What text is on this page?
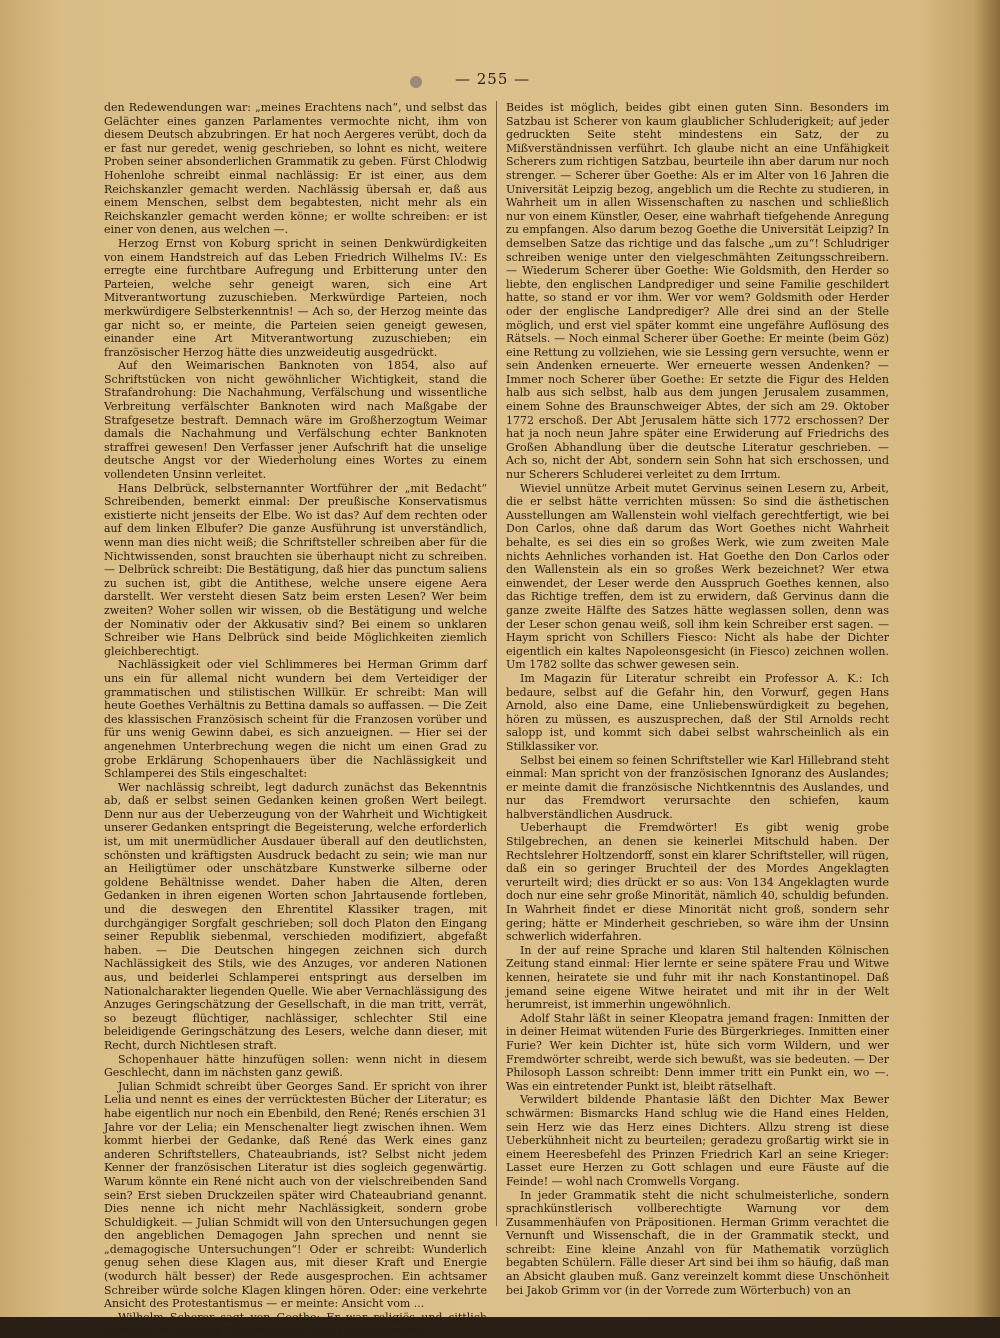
— 255 —

den Redewendungen war: „meines Erachtens nach“, und selbst das Gelächter eines ganzen Parlamentes vermochte nicht, ihm von diesem Deutsch abzubringen. Er hat noch Aergeres verübt, doch da er fast nur geredet, wenig geschrieben, so lohnt es nicht, weitere Proben seiner absonderlichen Grammatik zu geben. Fürst Chlodwig Hohenlohe schreibt einmal nachlässig: Er ist einer, aus dem Reichskanzler gemacht werden. Nachlässig übersah er, daß aus einem Menschen, selbst dem begabtesten, nicht mehr als ein Reichskanzler gemacht werden könne; er wollte schreiben: er ist einer von denen, aus welchen —.

Herzog Ernst von Koburg spricht in seinen Denkwürdigkeiten von einem Handstreich auf das Leben Friedrich Wilhelms IV.: Es erregte eine furchtbare Aufregung und Erbitterung unter den Parteien, welche sehr geneigt waren, sich eine Art Mitverantwortung zuzuschieben. Merkwürdige Parteien, noch merkwürdigere Selbsterkenntnis! — Ach so, der Herzog meinte das gar nicht so, er meinte, die Parteien seien geneigt gewesen, einander eine Art Mitverantwortung zuzuschieben; ein französischer Herzog hätte dies unzweideutig ausgedrückt.

Auf den Weimarischen Banknoten von 1854, also auf Schriftstücken von nicht gewöhnlicher Wichtigkeit, stand die Strafandrohung: Die Nachahmung, Verfälschung und wissentliche Verbreitung verfälschter Banknoten wird nach Maßgabe der Strafgesetze bestraft. Demnach wäre im Großherzogtum Weimar damals die Nachahmung und Verfälschung echter Banknoten straffrei gewesen! Den Verfasser jener Aufschrift hat die unselige deutsche Angst vor der Wiederholung eines Wortes zu einem vollendeten Unsinn verleitet.

Hans Delbrück, selbsternannter Wortführer der „mit Bedacht“ Schreibenden, bemerkt einmal: Der preußische Konservatismus existierte nicht jenseits der Elbe. Wo ist das? Auf dem rechten oder auf dem linken Elbufer? Die ganze Ausführung ist unverständlich, wenn man dies nicht weiß; die Schriftsteller schreiben aber für die Nichtwissenden, sonst brauchten sie überhaupt nicht zu schreiben. — Delbrück schreibt: Die Bestätigung, daß hier das punctum saliens zu suchen ist, gibt die Antithese, welche unsere eigene Aera darstellt. Wer versteht diesen Satz beim ersten Lesen? Wer beim zweiten? Woher sollen wir wissen, ob die Bestätigung und welche der Nominativ oder der Akkusativ sind? Bei einem so unklaren Schreiber wie Hans Delbrück sind beide Möglichkeiten ziemlich gleichberechtigt.

Nachlässigkeit oder viel Schlimmeres bei Herman Grimm darf uns ein für allemal nicht wundern bei dem Verteidiger der grammatischen und stilistischen Willkür. Er schreibt: Man will heute Goethes Verhältnis zu Bettina damals so auffassen. — Die Zeit des klassischen Französisch scheint für die Franzosen vorüber und für uns wenig Gewinn dabei, es sich anzueignen. — Hier sei der angenehmen Unterbrechung wegen die nicht um einen Grad zu grobe Erklärung Schopenhauers über die Nachlässigkeit und Schlamperei des Stils eingeschaltet:

Wer nachlässig schreibt, legt dadurch zunächst das Bekenntnis ab, daß er selbst seinen Gedanken keinen großen Wert beilegt. Denn nur aus der Ueberzeugung von der Wahrheit und Wichtigkeit unserer Gedanken entspringt die Begeisterung, welche erforderlich ist, um mit unermüdlicher Ausdauer überall auf den deutlichsten, schönsten und kräftigsten Ausdruck bedacht zu sein; wie man nur an Heiligtümer oder unschätzbare Kunstwerke silberne oder goldene Behältnisse wendet. Daher haben die Alten, deren Gedanken in ihren eigenen Worten schon Jahrtausende fortleben, und die deswegen den Ehrentitel Klassiker tragen, mit durchgängiger Sorgfalt geschrieben; soll doch Platon den Eingang seiner Republik siebenmal, verschieden modifiziert, abgefaßt haben. — Die Deutschen hingegen zeichnen sich durch Nachlässigkeit des Stils, wie des Anzuges, vor anderen Nationen aus, und beiderlei Schlamperei entspringt aus derselben im Nationalcharakter liegenden Quelle. Wie aber Vernachlässigung des Anzuges Geringschätzung der Gesellschaft, in die man tritt, verrät, so bezeugt flüchtiger, nachlässiger, schlechter Stil eine beleidigende Geringschätzung des Lesers, welche dann dieser, mit Recht, durch Nichtlesen straft.

Schopenhauer hätte hinzufügen sollen: wenn nicht in diesem Geschlecht, dann im nächsten ganz gewiß.

Julian Schmidt schreibt über Georges Sand. Er spricht von ihrer Lelia und nennt es eines der verrücktesten Bücher der Literatur; es habe eigentlich nur noch ein Ebenbild, den René; Renés erschien 31 Jahre vor der Lelia; ein Menschenalter liegt zwischen ihnen. Wem kommt hierbei der Gedanke, daß René das Werk eines ganz anderen Schriftstellers, Chateaubriands, ist? Selbst nicht jedem Kenner der französischen Literatur ist dies sogleich gegenwärtig. Warum könnte ein René nicht auch von der vielschreibenden Sand sein? Erst sieben Druckzeilen später wird Chateaubriand genannt. Dies nenne ich nicht mehr Nachlässigkeit, sondern grobe Schuldigkeit. — Julian Schmidt will von den Untersuchungen gegen den angeblichen Demagogen Jahn sprechen und nennt sie „demagogische Untersuchungen“! Oder er schreibt: Wunderlich genug sehen diese Klagen aus, mit dieser Kraft und Energie (wodurch hält besser) der Rede ausgesprochen. Ein achtsamer Schreiber würde solche Klagen klingen hören. Oder: eine verkehrte Ansicht des Protestantismus — er meinte: Ansicht vom ...

Wilhelm Scherer sagt von Goethe: Er war religiös und sittlich tolerant. Ist „religiös“ Eigenschafts- oder Umstandswort?

Beides ist möglich, beides gibt einen guten Sinn. Besonders im Satzbau ist Scherer von kaum glaublicher Schluderigkeit; auf jeder gedruckten Seite steht mindestens ein Satz, der zu Mißverständnissen verführt. Ich glaube nicht an eine Unfähigkeit Scherers zum richtigen Satzbau, beurteile ihn aber darum nur noch strenger. — Scherer über Goethe: Als er im Alter von 16 Jahren die Universität Leipzig bezog, angeblich um die Rechte zu studieren, in Wahrheit um in allen Wissenschaften zu naschen und schließlich nur von einem Künstler, Oeser, eine wahrhaft tiefgehende Anregung zu empfangen. Also darum bezog Goethe die Universität Leipzig? In demselben Satze das richtige und das falsche „um zu“! Schludriger schreiben wenige unter den vielgeschmähten Zeitungsschreibern. — Wiederum Scherer über Goethe: Wie Goldsmith, den Herder so liebte, den englischen Landprediger und seine Familie geschildert hatte, so stand er vor ihm. Wer vor wem? Goldsmith oder Herder oder der englische Landprediger? Alle drei sind an der Stelle möglich, und erst viel später kommt eine ungefähre Auflösung des Rätsels. — Noch einmal Scherer über Goethe: Er meinte (beim Göz) eine Rettung zu vollziehen, wie sie Lessing gern versuchte, wenn er sein Andenken erneuerte. Wer erneuerte wessen Andenken? — Immer noch Scherer über Goethe: Er setzte die Figur des Helden halb aus sich selbst, halb aus dem jungen Jerusalem zusammen, einem Sohne des Braunschweiger Abtes, der sich am 29. Oktober 1772 erschoß. Der Abt Jerusalem hätte sich 1772 erschossen? Der hat ja noch neun Jahre später eine Erwiderung auf Friedrichs des Großen Abhandlung über die deutsche Literatur geschrieben. — Ach so, nicht der Abt, sondern sein Sohn hat sich erschossen, und nur Scherers Schluderei verleitet zu dem Irrtum.

Wieviel unnütze Arbeit mutet Gervinus seinen Lesern zu, Arbeit, die er selbst hätte verrichten müssen: So sind die ästhetischen Ausstellungen am Wallenstein wohl vielfach gerechtfertigt, wie bei Don Carlos, ohne daß darum das Wort Goethes nicht Wahrheit behalte, es sei dies ein so großes Werk, wie zum zweiten Male nichts Aehnliches vorhanden ist. Hat Goethe den Don Carlos oder den Wallenstein als ein so großes Werk bezeichnet? Wer etwa einwendet, der Leser werde den Ausspruch Goethes kennen, also das Richtige treffen, dem ist zu erwidern, daß Gervinus dann die ganze zweite Hälfte des Satzes hätte weglassen sollen, denn was der Leser schon genau weiß, soll ihm kein Schreiber erst sagen. — Haym spricht von Schillers Fiesco: Nicht als habe der Dichter eigentlich ein kaltes Napoleonsgesicht (in Fiesco) zeichnen wollen. Um 1782 sollte das schwer gewesen sein.

Im Magazin für Literatur schreibt ein Professor A. K.: Ich bedaure, selbst auf die Gefahr hin, den Vorwurf, gegen Hans Arnold, also eine Dame, eine Unliebenswürdigkeit zu begehen, hören zu müssen, es auszusprechen, daß der Stil Arnolds recht salopp ist, und kommt sich dabei selbst wahrscheinlich als ein Stilklassiker vor.

Selbst bei einem so feinen Schriftsteller wie Karl Hillebrand steht einmal: Man spricht von der französischen Ignoranz des Auslandes; er meinte damit die französische Nichtkenntnis des Auslandes, und nur das Fremdwort verursachte den schiefen, kaum halbverständlichen Ausdruck.

Ueberhaupt die Fremdwörter! Es gibt wenig grobe Stilgebrechen, an denen sie keinerlei Mitschuld haben. Der Rechtslehrer Holtzendorff, sonst ein klarer Schriftsteller, will rügen, daß ein so geringer Bruchteil der des Mordes Angeklagten verurteilt wird; dies drückt er so aus: Von 134 Angeklagten wurde doch nur eine sehr große Minorität, nämlich 40, schuldig befunden. In Wahrheit findet er diese Minorität nicht groß, sondern sehr gering; hätte er Minderheit geschrieben, so wäre ihm der Unsinn schwerlich widerfahren.

In der auf reine Sprache und klaren Stil haltenden Kölnischen Zeitung stand einmal: Hier lernte er seine spätere Frau und Witwe kennen, heiratete sie und fuhr mit ihr nach Konstantinopel. Daß jemand seine eigene Witwe heiratet und mit ihr in der Welt herumreist, ist immerhin ungewöhnlich.

Adolf Stahr läßt in seiner Kleopatra jemand fragen: Inmitten der in deiner Heimat wütenden Furie des Bürgerkrieges. Inmitten einer Furie? Wer kein Dichter ist, hüte sich vorm Wildern, und wer Fremdwörter schreibt, werde sich bewußt, was sie bedeuten. — Der Philosoph Lasson schreibt: Denn immer tritt ein Punkt ein, wo —. Was ein eintretender Punkt ist, bleibt rätselhaft.

Verwildert bildende Phantasie läßt den Dichter Max Bewer schwärmen: Bismarcks Hand schlug wie die Hand eines Helden, sein Herz wie das Herz eines Dichters. Allzu streng ist diese Ueberkühnheit nicht zu beurteilen; geradezu großartig wirkt sie in einem Heeresbefehl des Prinzen Friedrich Karl an seine Krieger: Lasset eure Herzen zu Gott schlagen und eure Fäuste auf die Feinde! — wohl nach Cromwells Vorgang.

In jeder Grammatik steht die nicht schulmeisterliche, sondern sprachkünstlerisch vollberechtigte Warnung vor dem Zusammenhäufen von Präpositionen. Herman Grimm verachtet die Vernunft und Wissenschaft, die in der Grammatik steckt, und schreibt: Eine kleine Anzahl von für Mathematik vorzüglich begabten Schülern. Fälle dieser Art sind bei ihm so häufig, daß man an Absicht glauben muß. Ganz vereinzelt kommt diese Unschönheit bei Jakob Grimm vor (in der Vorrede zum Wörterbuch) von an
